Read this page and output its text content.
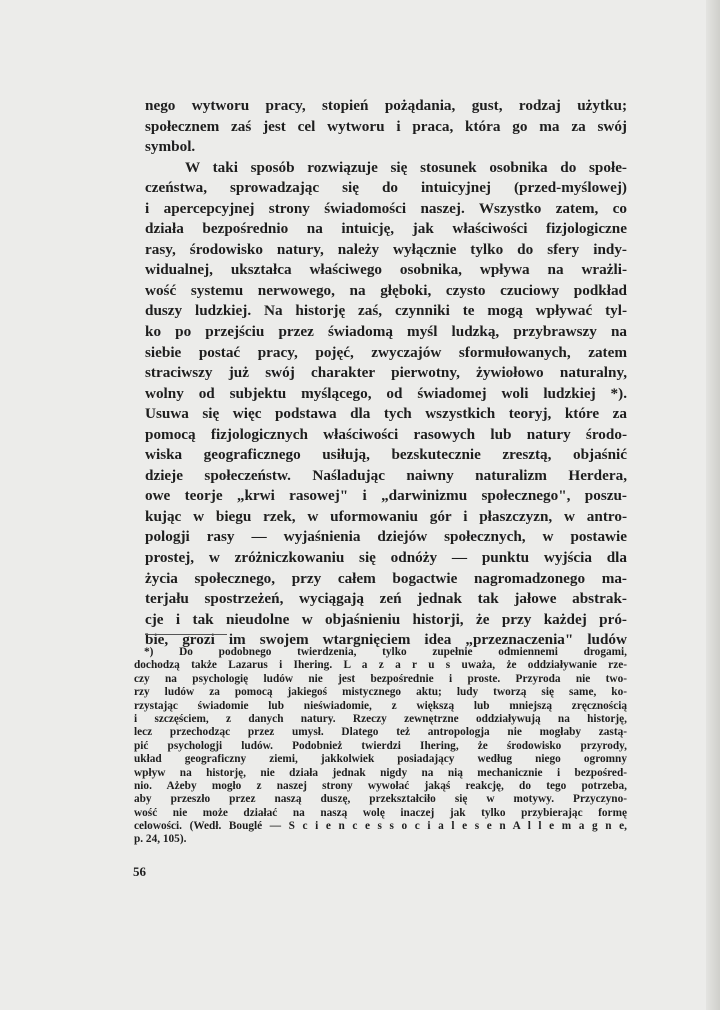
nego wytworu pracy, stopień pożądania, gust, rodzaj użytku;
społecznem zaś jest cel wytworu i praca, która go ma za swój
symbol.
W taki sposób rozwiązuje się stosunek osobnika do społe-
czeństwa, sprowadzając się do intuicyjnej (przed-myślowej)
i apercepcyjnej strony świadomości naszej. Wszystko zatem, co
działa bezpośrednio na intuicję, jak właściwości fizjologiczne
rasy, środowisko natury, należy wyłącznie tylko do sfery indy-
widualnej, ukształca właściwego osobnika, wpływa na wrażli-
wość systemu nerwowego, na głęboki, czysto czuciowy podkład
duszy ludzkiej. Na historję zaś, czynniki te mogą wpływać tyl-
ko po przejściu przez świadomą myśl ludzką, przybrawszy na
siebie postać pracy, pojęć, zwyczajów sformułowanych, zatem
straciwszy już swój charakter pierwotny, żywiołowo naturalny,
wolny od subjektu myślącego, od świadomej woli ludzkiej *).
Usuwa się więc podstawa dla tych wszystkich teoryj, które za
pomocą fizjologicznych właściwości rasowych lub natury środo-
wiska geograficznego usiłują, bezskutecznie zresztą, objaśnić
dzieje społeczeństw. Naśladując naiwny naturalizm Herdera,
owe teorje „krwi rasowej" i „darwinizmu społecznego", poszu-
kując w biegu rzek, w uformowaniu gór i płaszczyzn, w antro-
pologji rasy — wyjaśnienia dziejów społecznych, w postawie
prostej, w zróżniczkowaniu się odnóży — punktu wyjścia dla
życia społecznego, przy całem bogactwie nagromadzonego ma-
terjału spostrzeżeń, wyciągają zeń jednak tak jałowe abstrak-
cje i tak nieudolne w objaśnieniu historji, że przy każdej pró-
bie, grozi im swojem wtargnięciem idea „przeznaczenia" ludów
*) Do podobnego twierdzenia, tylko zupełnie odmiennemi drogami,
dochodzą także Lazarus i Ihering. L a z a r u s uważa, że oddziaływanie rze-
czy na psychologię ludów nie jest bezpośrednie i proste. Przyroda nie two-
rzy ludów za pomocą jakiegoś mistycznego aktu; ludy tworzą się same, ko-
rzystając świadomie lub nieświadomie, z większą lub mniejszą zręcznością
i szczęściem, z danych natury. Rzeczy zewnętrzne oddziaływują na historję,
lecz przechodząc przez umysł. Dlatego też antropologja nie mogłaby zastą-
pić psychologji ludów. Podobnież twierdzi Ihering, że środowisko przyrody,
układ geograficzny ziemi, jakkolwiek posiadający według niego ogromny
wpływ na historję, nie działa jednak nigdy na nią mechanicznie i bezpośred-
nio. Ażeby mogło z naszej strony wywołać jakąś reakcję, do tego potrzeba,
aby przeszło przez naszą duszę, przekształciło się w motywy. Przyczyno-
wość nie może działać na naszą wolę inaczej jak tylko przybierając formę
celowości. (Wedł. Bouglé — S c i e n c e s s o c i a l e s e n A l l e m a g n e,
p. 24, 105).
56
